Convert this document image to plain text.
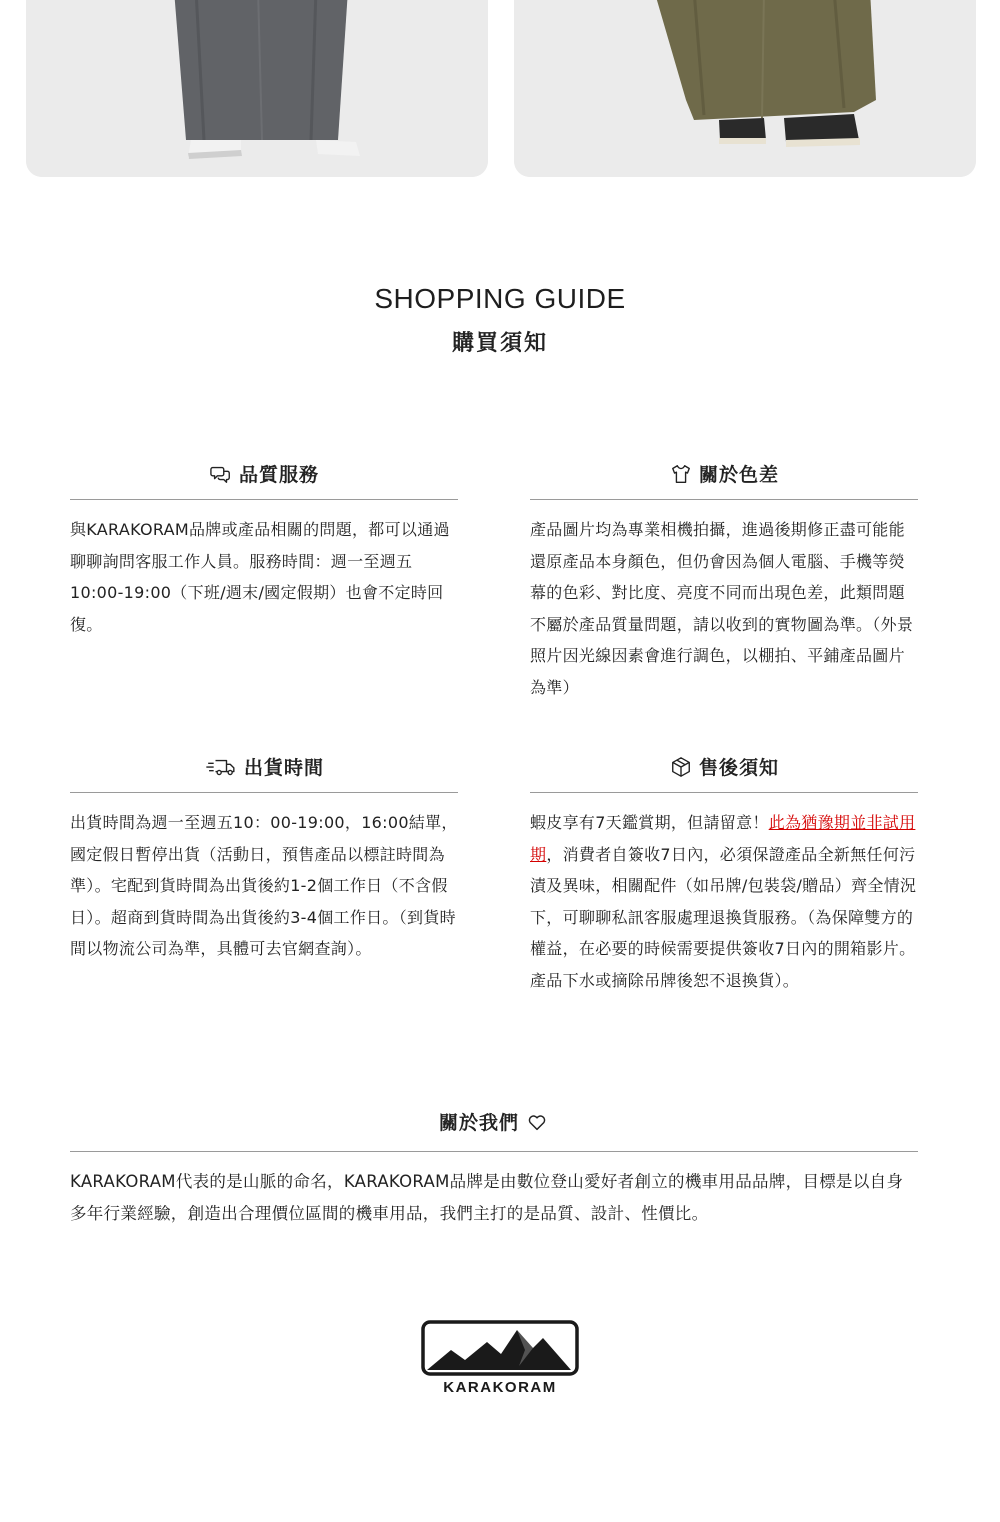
SHOPPING GUIDE
購買須知
品質服務

與KARAKORAM品牌或產品相關的問題，都可以通過聊聊詢問客服工作人員。服務時間：週一至週五10:00-19:00（下班/週末/國定假期）也會不定時回復。

關於色差

產品圖片均為專業相機拍攝，進過後期修正盡可能能還原產品本身顏色，但仍會因為個人電腦、手機等熒幕的色彩、對比度、亮度不同而出現色差，此類問題不屬於產品質量問題，請以收到的實物圖為準。（外景照片因光線因素會進行調色，以棚拍、平鋪產品圖片為準）

出貨時間

出貨時間為週一至週五10：00-19:00，16:00結單，國定假日暫停出貨（活動日，預售產品以標註時間為準）。宅配到貨時間為出貨後約1-2個工作日（不含假日）。超商到貨時間為出貨後約3-4個工作日。（到貨時間以物流公司為準，具體可去官網查詢）。

售後須知

蝦皮享有7天鑑賞期，但請留意！此為猶豫期並非試用期，消費者自簽收7日內，必須保證產品全新無任何污漬及異味，相關配件（如吊牌/包裝袋/贈品）齊全情況下，可聊聊私訊客服處理退換貨服務。（為保障雙方的權益，在必要的時候需要提供簽收7日內的開箱影片。產品下水或摘除吊牌後恕不退換貨）。

關於我們

KARAKORAM代表的是山脈的命名，KARAKORAM品牌是由數位登山愛好者創立的機車用品品牌，目標是以自身多年行業經驗，創造出合理價位區間的機車用品，我們主打的是品質、設計、性價比。

KARAKORAM
